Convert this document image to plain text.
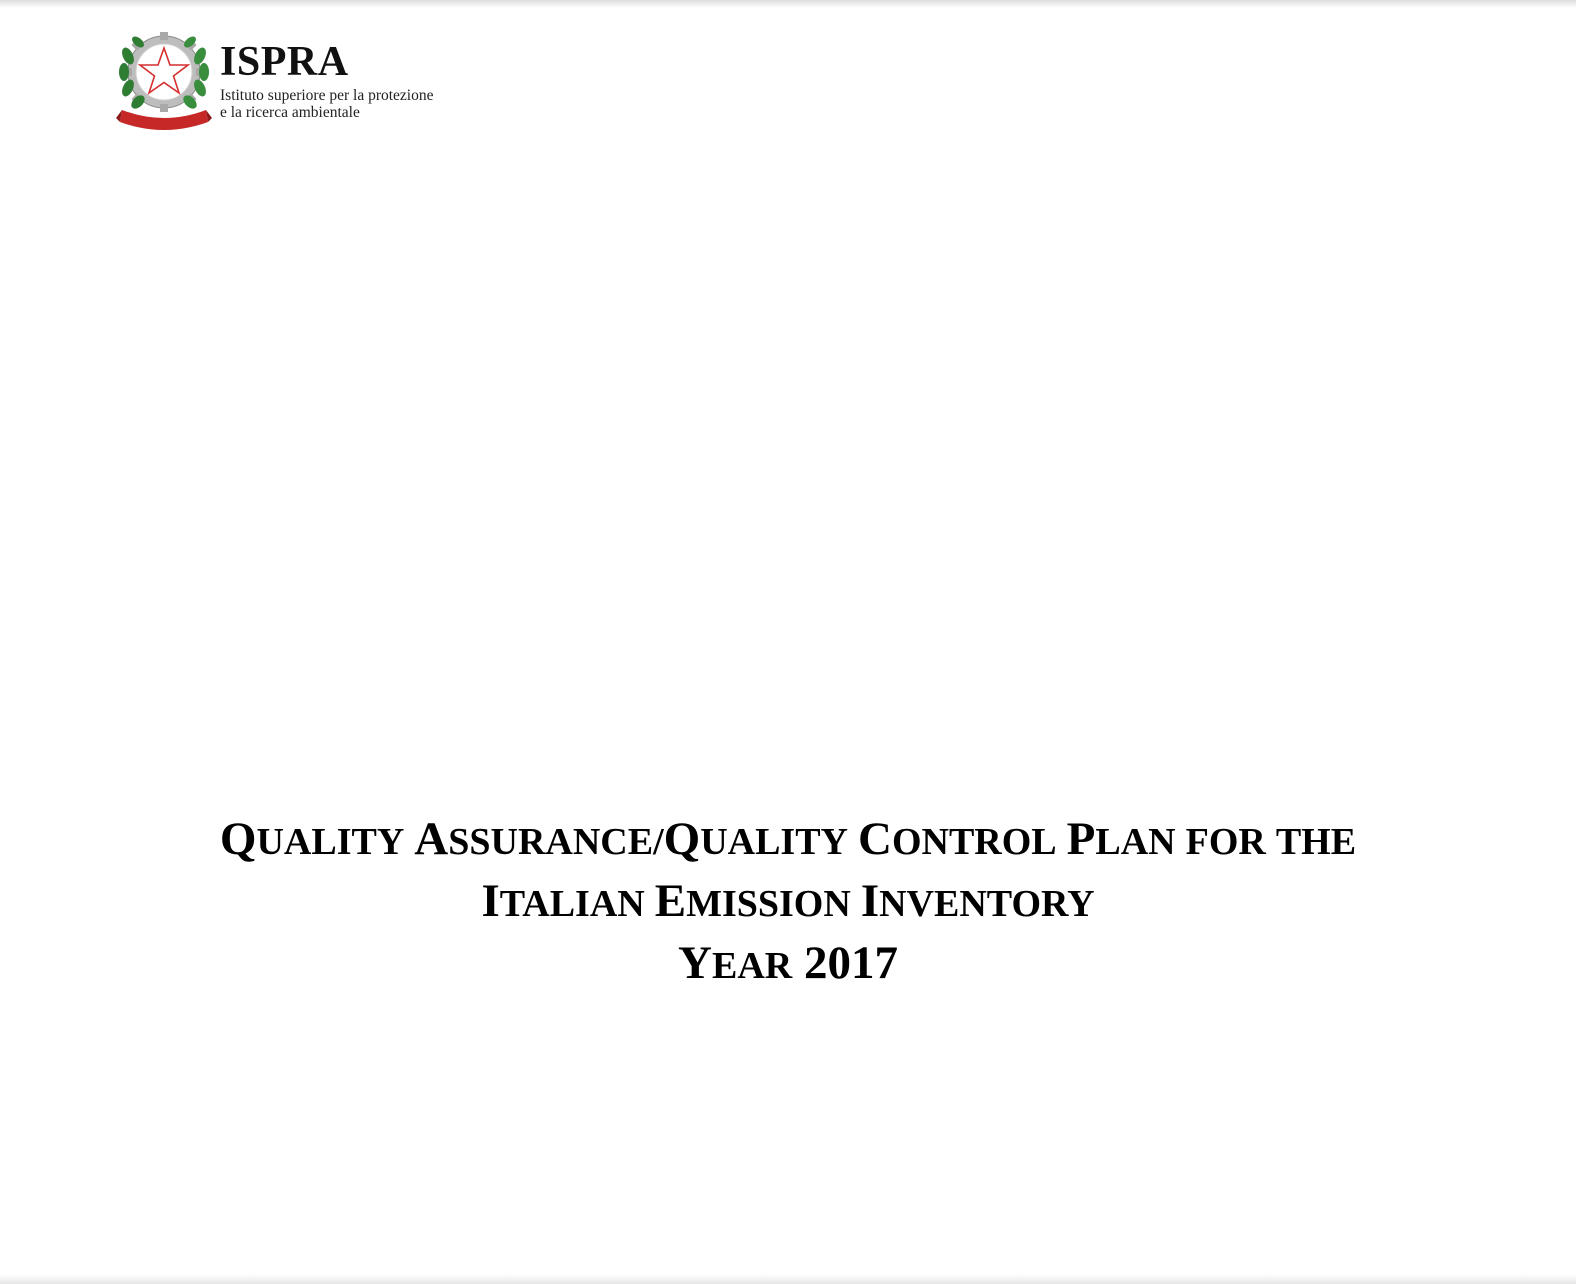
ISPRA
Istituto superiore per la protezione
e la ricerca ambientale
QUALITY ASSURANCE/QUALITY CONTROL PLAN FOR THE
ITALIAN EMISSION INVENTORY
YEAR 2017
